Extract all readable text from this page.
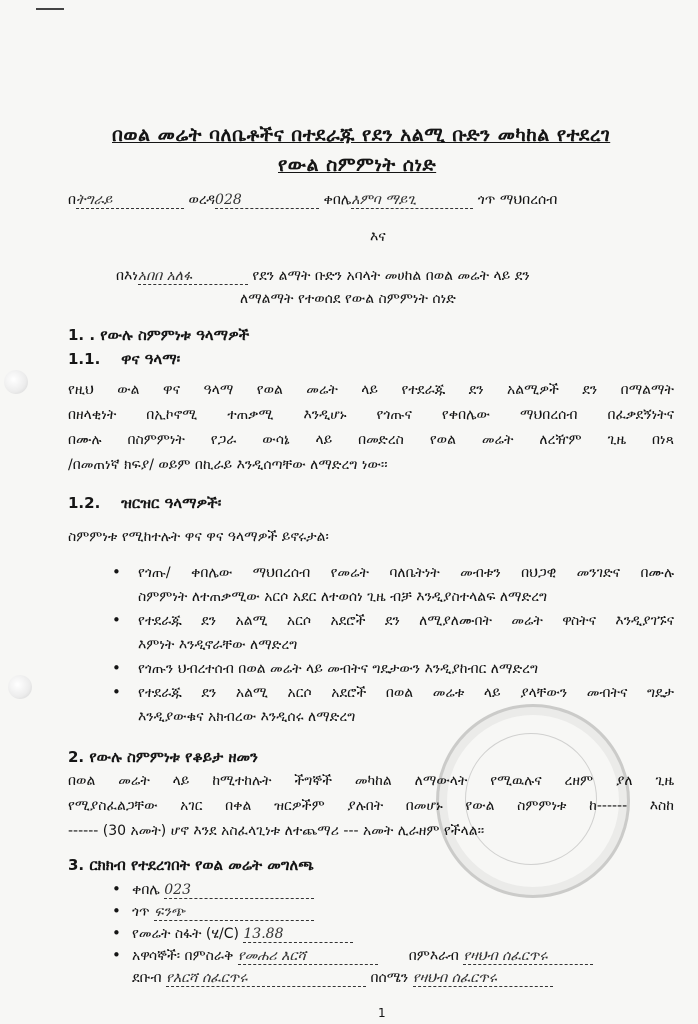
በወል መሬት ባለቤቶችና በተደራጁ የደን አልሚ ቡድን መካከል የተደረገ
የውል ስምምነት ሰነድ
በትግራይ	ወረዳ028	ቀበሌእምባ ማይጊ	ጎጥ ማህበረሰብ
እና
በእነአበበ አለፋ	የደን ልማት ቡድን አባላት መሀከል በወል መሬት ላይ ደን
ለማልማት የተወሰደ የውል ስምምነት ሰነድ
1. . የውሉ ስምምነቱ ዓላማዎች
1.1.    ዋና ዓላማ፡
የዚህ ውል ዋና ዓላማ የወል መሬት ላይ የተደራጁ ደን አልሚዎች ደን በማልማት
በዘላቂነት በኢኮኖሚ ተጠቃሚ እንዲሆኑ የጎጡና የቀበሌው ማህበረሰብ በፈቃደኝነትና
በሙሉ በስምምነት የጋራ ውሳኔ ላይ በመድረስ የወል መሬት ለረዥም ጊዜ በነጻ
/በመጠነኛ ክፍያ/ ወይም በኪራይ እንዲሰጣቸው ለማድረግ ነው፡፡
1.2.    ዝርዝር ዓላማዎች፡
ስምምነቱ የሚከተሉት ዋና ዋና ዓላማዎች ይኖሩታል፡
• የጎጡ/ ቀበሌው ማህበረሰብ የመሬት ባለቤትነት መብቱን በህጋዊ መንገድና በሙሉ
ስምምነት ለተጠቃሚው አርሶ አደር ለተወሰነ ጊዜ ብቻ እንዲያስተላልፍ ለማድረግ
• የተደራጁ ደን አልሚ አርሶ አደሮች ደን ለሚያለሙበት መሬት ዋስትና እንዲያገኙና
እምነት እንዲኖራቸው ለማድረግ
• የጎጡን ህብረተሰብ በወል መሬት ላይ መብትና ግዴታውን እንዲያከብር ለማድረግ
• የተደራጁ ደን አልሚ አርሶ አደሮች በወል መሬቱ ላይ ያላቸውን መብትና ግዴታ
እንዲያውቁና አክብረው እንዲሰሩ ለማድረግ
2. የውሉ ስምምነቱ የቆይታ ዘመን
በወል መሬት ላይ ከሚተከሉት ችግኞች መካከል ለማውላት የሚዉሉና ረዘም ያለ ጊዜ
የሚያስፈልጋቸው አገር በቀል ዝርዎችም ያሉበት በመሆኑ የውል ስምምነቱ ከ------ እስከ
------ (30 አመት) ሆኖ እንደ አስፈላጊነቱ ለተጨማሪ --- አመት ሊራዘም የችላል፡፡
3. ርክክብ የተደረገበት የወል መሬት መግለጫ
• ቀበሌ 023
• ጎጥ ፍንጭ
• የመሬት ስፋት (ሄ/C) 13.88
• አዋሳኞች፡ በምስራቅ የመሐሪ እርሻ	በምእራብ የዛህብ ሰፈርጥሩ
ደቡብ የእርሻ ሰፈርጥሩ	በሰሜን የዛህብ ሰፈርጥሩ
1
